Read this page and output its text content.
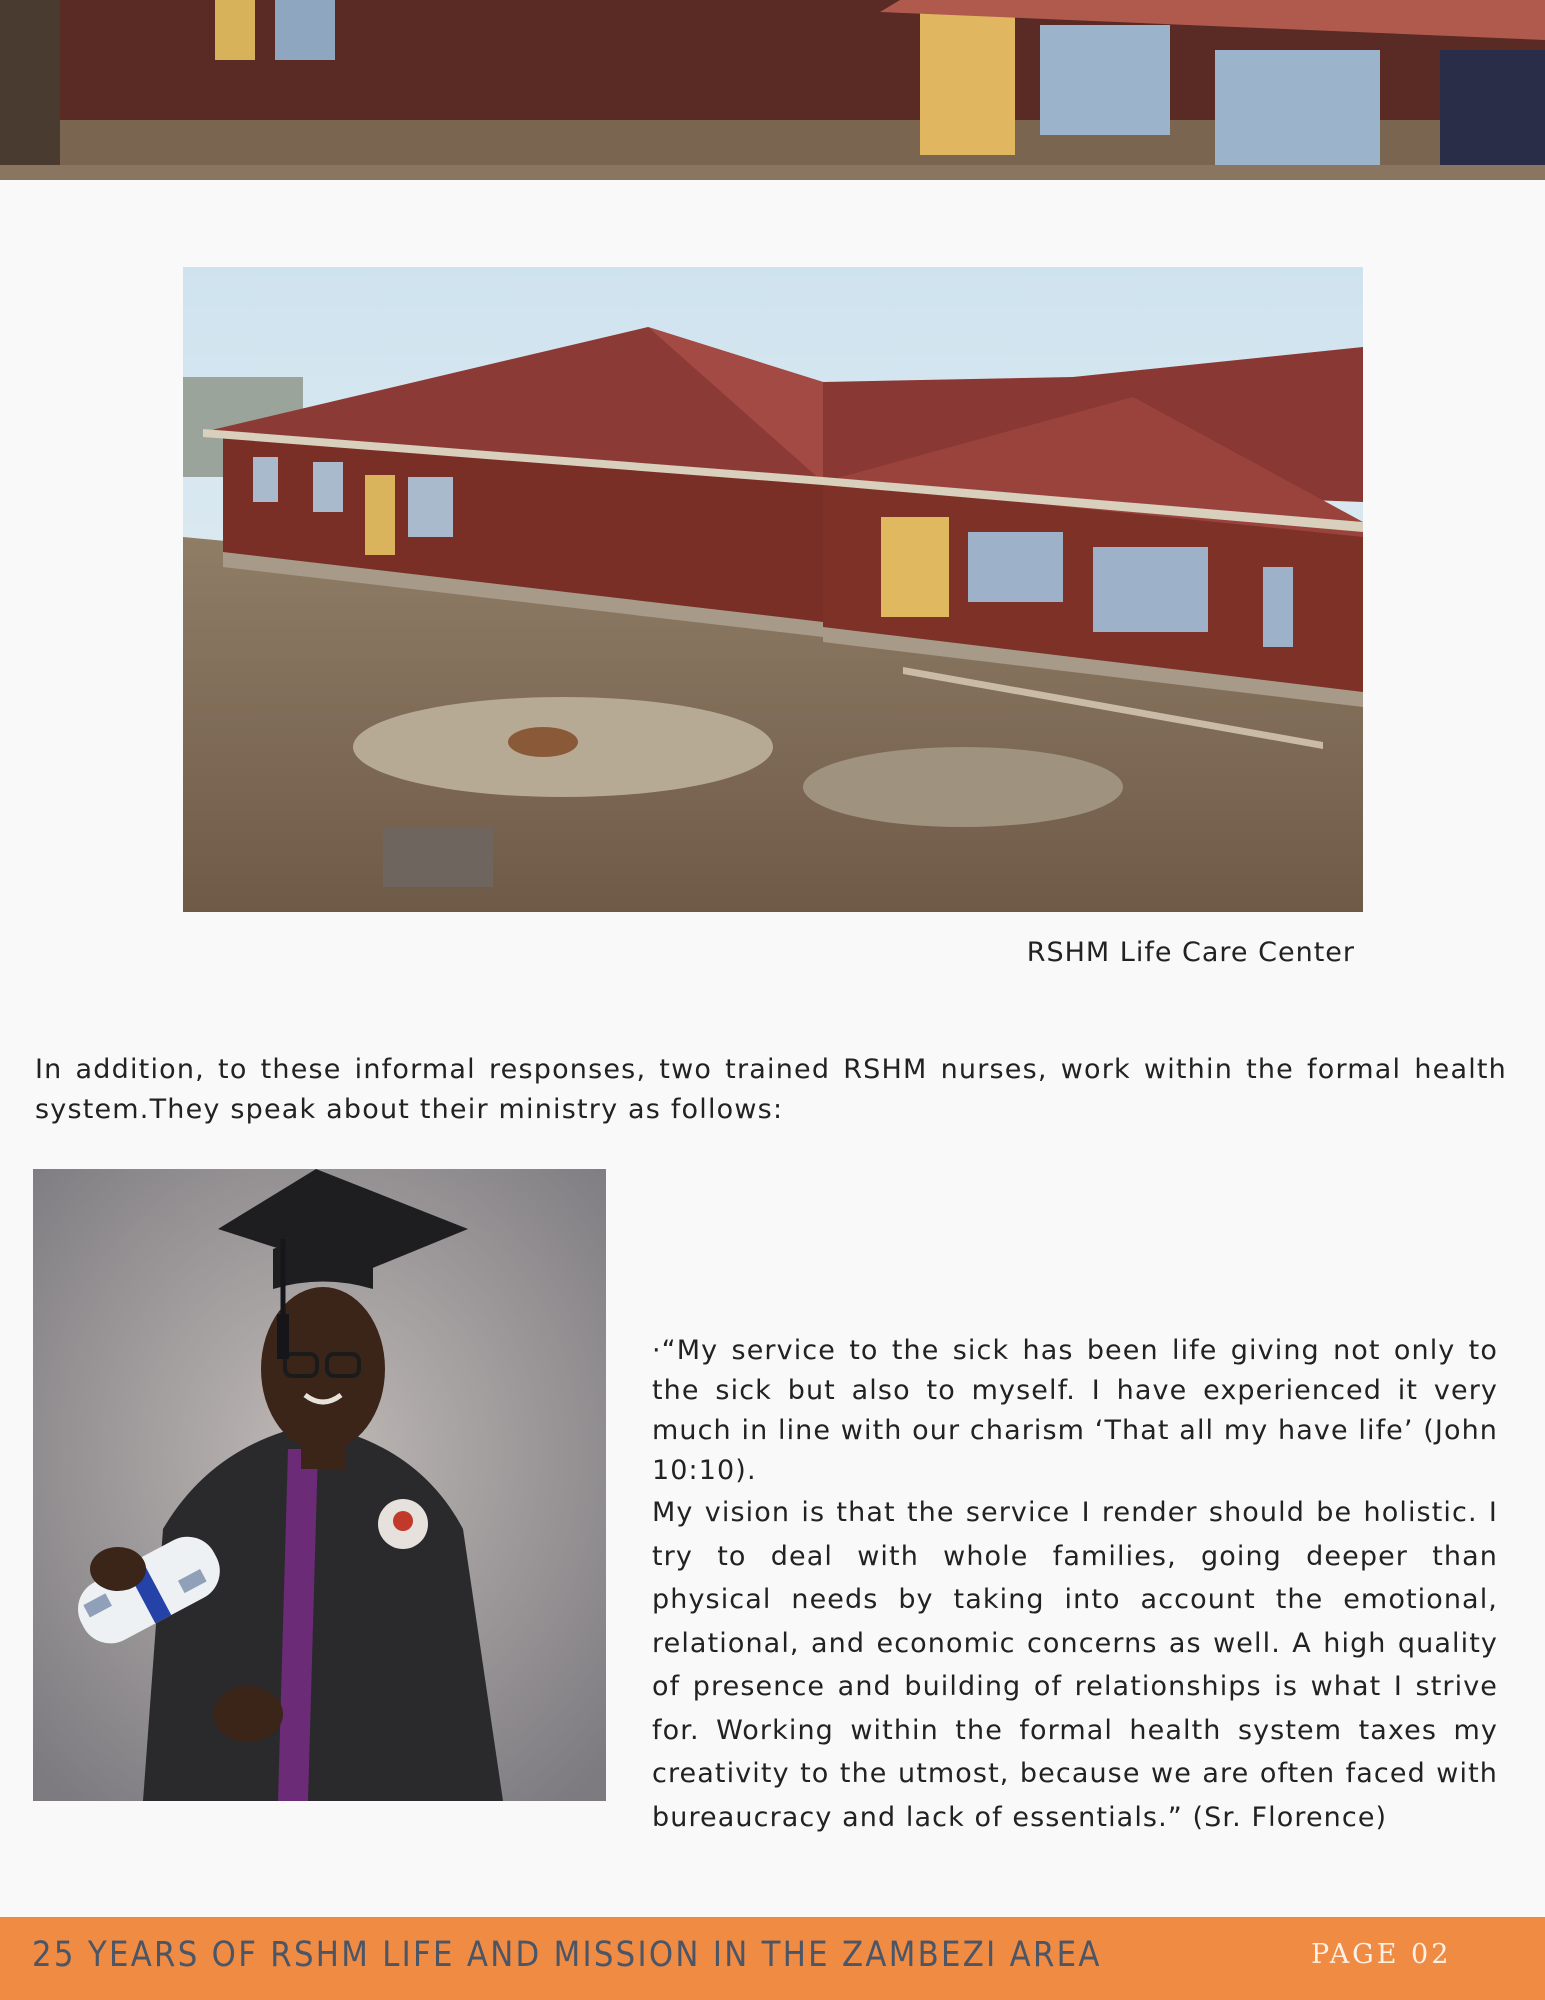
RSHM Life Care Center

In addition, to these informal responses, two trained RSHM nurses, work within the formal health system.They speak about their ministry as follows:

·“My service to the sick has been life giving not only to the sick but also to myself. I have experienced it very much in line with our charism ‘That all my have life’ (John 10:10).

My vision is that the service I render should be holistic. I try to deal with whole families, going deeper than physical needs by taking into account the emotional, relational, and economic concerns as well. A high quality of presence and building of relationships is what I strive for. Working within the formal health system taxes my creativity to the utmost, because we are often faced with bureaucracy and lack of essentials.” (Sr. Florence)

25 YEARS OF RSHM LIFE AND MISSION IN THE ZAMBEZI AREA	PAGE 02
